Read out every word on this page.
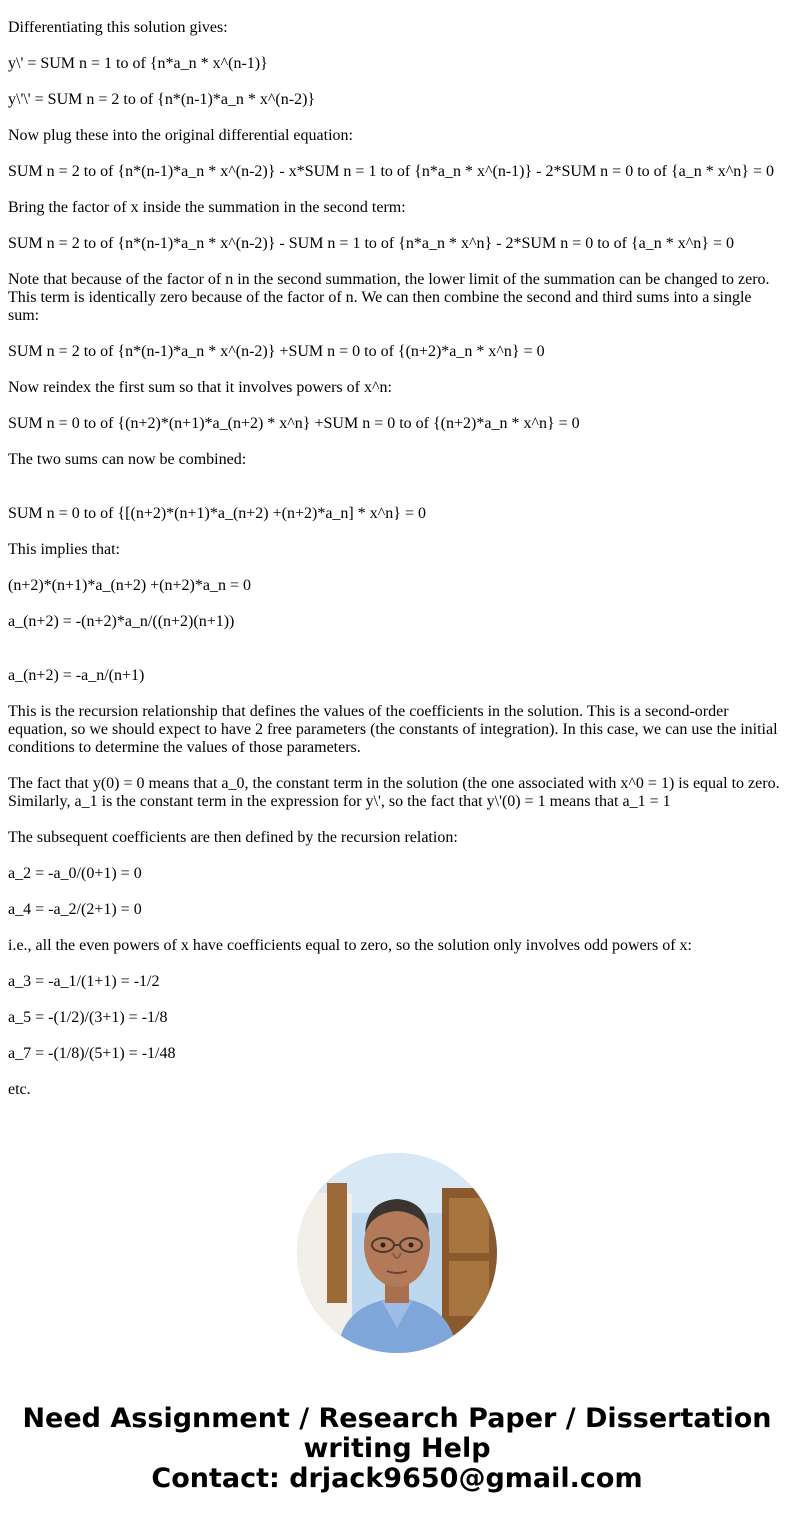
Differentiating this solution gives:

y\' = SUM n = 1 to of {n*a_n * x^(n-1)}

y\'\' = SUM n = 2 to of {n*(n-1)*a_n * x^(n-2)}

Now plug these into the original differential equation:

SUM n = 2 to of {n*(n-1)*a_n * x^(n-2)} - x*SUM n = 1 to of {n*a_n * x^(n-1)} - 2*SUM n = 0 to of {a_n * x^n} = 0

Bring the factor of x inside the summation in the second term:

SUM n = 2 to of {n*(n-1)*a_n * x^(n-2)} - SUM n = 1 to of {n*a_n * x^n} - 2*SUM n = 0 to of {a_n * x^n} = 0

Note that because of the factor of n in the second summation, the lower limit of the summation can be changed to zero. This term is identically zero because of the factor of n. We can then combine the second and third sums into a single sum:

SUM n = 2 to of {n*(n-1)*a_n * x^(n-2)} +SUM n = 0 to of {(n+2)*a_n * x^n} = 0

Now reindex the first sum so that it involves powers of x^n:

SUM n = 0 to of {(n+2)*(n+1)*a_(n+2) * x^n} +SUM n = 0 to of {(n+2)*a_n * x^n} = 0

The two sums can now be combined:

SUM n = 0 to of {[(n+2)*(n+1)*a_(n+2) +(n+2)*a_n] * x^n} = 0

This implies that:

(n+2)*(n+1)*a_(n+2) +(n+2)*a_n = 0

a_(n+2) = -(n+2)*a_n/((n+2)(n+1))

a_(n+2) = -a_n/(n+1)

This is the recursion relationship that defines the values of the coefficients in the solution. This is a second-order equation, so we should expect to have 2 free parameters (the constants of integration). In this case, we can use the initial conditions to determine the values of those parameters.

The fact that y(0) = 0 means that a_0, the constant term in the solution (the one associated with x^0 = 1) is equal to zero. Similarly, a_1 is the constant term in the expression for y\', so the fact that y\'(0) = 1 means that a_1 = 1

The subsequent coefficients are then defined by the recursion relation:

a_2 = -a_0/(0+1) = 0

a_4 = -a_2/(2+1) = 0

i.e., all the even powers of x have coefficients equal to zero, so the solution only involves odd powers of x:

a_3 = -a_1/(1+1) = -1/2

a_5 = -(1/2)/(3+1) = -1/8

a_7 = -(1/8)/(5+1) = -1/48

etc.

Need Assignment / Research Paper / Dissertation
writing Help
Contact: drjack9650@gmail.com
